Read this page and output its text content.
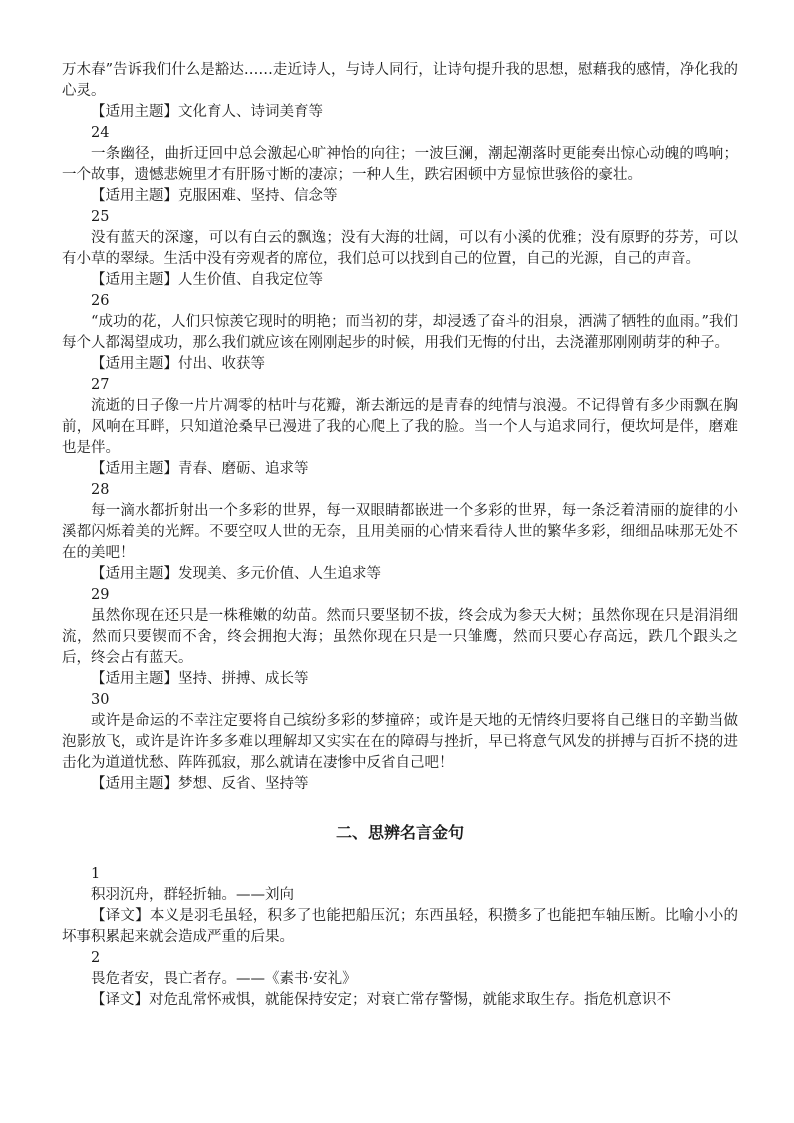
万木春”告诉我们什么是豁达……走近诗人，与诗人同行，让诗句提升我的思想，慰藉我的感情，净化我的心灵。

【适用主题】文化育人、诗词美育等

24

一条幽径，曲折迂回中总会激起心旷神怡的向往；一波巨澜，潮起潮落时更能奏出惊心动魄的鸣响；一个故事，遗憾悲婉里才有肝肠寸断的凄凉；一种人生，跌宕困顿中方显惊世骇俗的豪壮。

【适用主题】克服困难、坚持、信念等

25

没有蓝天的深邃，可以有白云的飘逸；没有大海的壮阔，可以有小溪的优雅；没有原野的芬芳，可以有小草的翠绿。生活中没有旁观者的席位，我们总可以找到自己的位置，自己的光源，自己的声音。

【适用主题】人生价值、自我定位等

26

“成功的花，人们只惊羡它现时的明艳；而当初的芽，却浸透了奋斗的泪泉，洒满了牺牲的血雨。”我们每个人都渴望成功，那么我们就应该在刚刚起步的时候，用我们无悔的付出，去浇灌那刚刚萌芽的种子。

【适用主题】付出、收获等

27

流逝的日子像一片片凋零的枯叶与花瓣，渐去渐远的是青春的纯情与浪漫。不记得曾有多少雨飘在胸前，风响在耳畔，只知道沧桑早已漫进了我的心爬上了我的脸。当一个人与追求同行，便坎坷是伴，磨难也是伴。

【适用主题】青春、磨砺、追求等

28

每一滴水都折射出一个多彩的世界，每一双眼睛都嵌进一个多彩的世界，每一条泛着清丽的旋律的小溪都闪烁着美的光辉。不要空叹人世的无奈，且用美丽的心情来看待人世的繁华多彩，细细品味那无处不在的美吧！

【适用主题】发现美、多元价值、人生追求等

29

虽然你现在还只是一株稚嫩的幼苗。然而只要坚韧不拔，终会成为参天大树；虽然你现在只是涓涓细流，然而只要锲而不舍，终会拥抱大海；虽然你现在只是一只雏鹰，然而只要心存高远，跌几个跟头之后，终会占有蓝天。

【适用主题】坚持、拼搏、成长等

30

或许是命运的不幸注定要将自己缤纷多彩的梦撞碎；或许是天地的无情终归要将自己继日的辛勤当做泡影放飞，或许是许许多多难以理解却又实实在在的障碍与挫折，早已将意气风发的拼搏与百折不挠的进击化为道道忧愁、阵阵孤寂，那么就请在凄惨中反省自己吧！

【适用主题】梦想、反省、坚持等

二、思辨名言金句

1

积羽沉舟，群轻折轴。——刘向

【译文】本义是羽毛虽轻，积多了也能把船压沉；东西虽轻，积攒多了也能把车轴压断。比喻小小的坏事积累起来就会造成严重的后果。

2

畏危者安，畏亡者存。——《素书·安礼》

【译文】对危乱常怀戒惧，就能保持安定；对衰亡常存警惕，就能求取生存。指危机意识不
